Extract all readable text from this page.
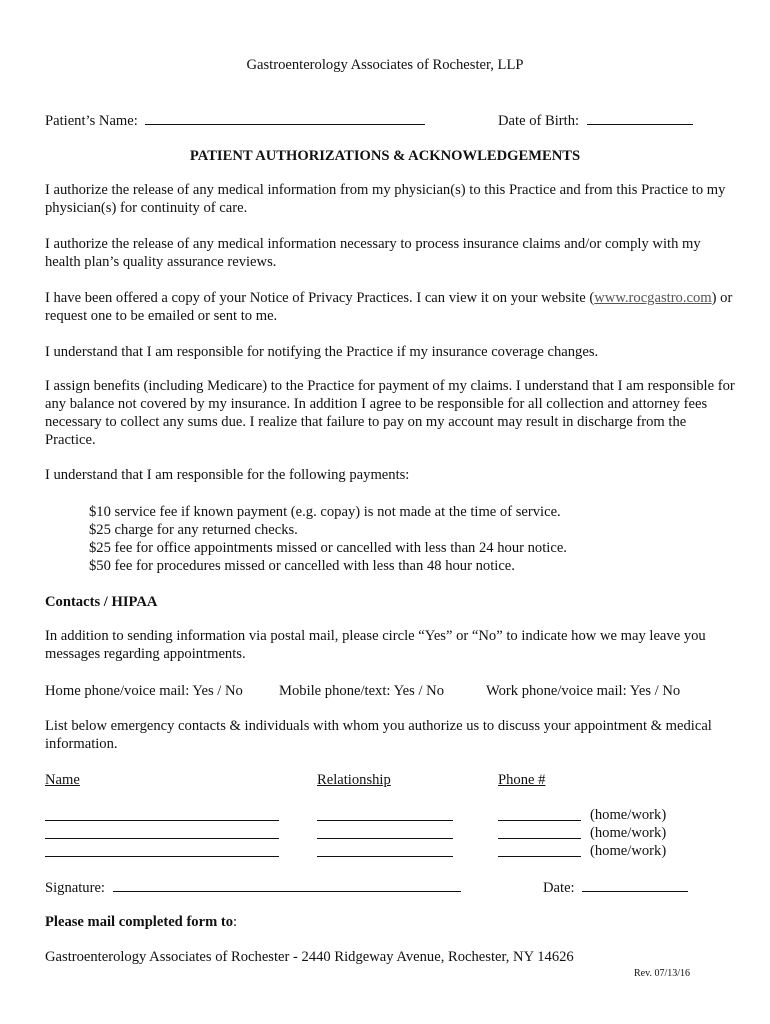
Gastroenterology Associates of Rochester, LLP
Patient’s Name:	Date of Birth:
PATIENT AUTHORIZATIONS & ACKNOWLEDGEMENTS
I authorize the release of any medical information from my physician(s) to this Practice and from this Practice to my physician(s) for continuity of care.
I authorize the release of any medical information necessary to process insurance claims and/or comply with my health plan’s quality assurance reviews.
I have been offered a copy of your Notice of Privacy Practices. I can view it on your website (www.rocgastro.com) or request one to be emailed or sent to me.
I understand that I am responsible for notifying the Practice if my insurance coverage changes.
I assign benefits (including Medicare) to the Practice for payment of my claims. I understand that I am responsible for any balance not covered by my insurance. In addition I agree to be responsible for all collection and attorney fees necessary to collect any sums due. I realize that failure to pay on my account may result in discharge from the Practice.
I understand that I am responsible for the following payments:
$10 service fee if known payment (e.g. copay) is not made at the time of service.
$25 charge for any returned checks.
$25 fee for office appointments missed or cancelled with less than 24 hour notice.
$50 fee for procedures missed or cancelled with less than 48 hour notice.
Contacts / HIPAA
In addition to sending information via postal mail, please circle “Yes” or “No” to indicate how we may leave you messages regarding appointments.
Home phone/voice mail: Yes / No Mobile phone/text: Yes / No	Work phone/voice mail: Yes / No
List below emergency contacts & individuals with whom you authorize us to discuss your appointment & medical information.
Name	Relationship	Phone #
(home/work)
(home/work)
(home/work)
Signature:	Date:
Please mail completed form to:
Gastroenterology Associates of Rochester - 2440 Ridgeway Avenue, Rochester, NY 14626
Rev. 07/13/16
